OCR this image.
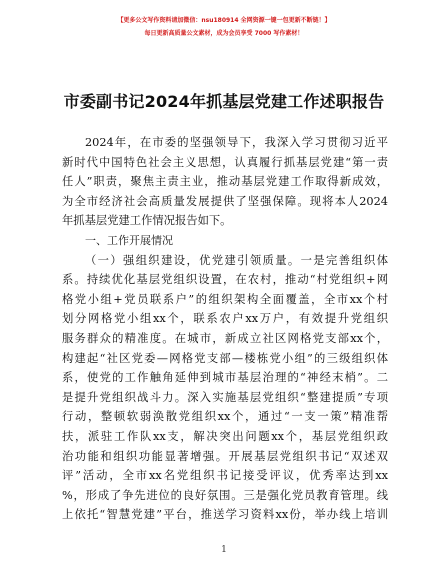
【更多公文写作资料请加微信：nsu180914 全网资源一键一包更新不断链！】
每日更新高质量公文素材，成为会员享受 7000 写作素材！
市委副书记2024年抓基层党建工作述职报告
2024年，在市委的坚强领导下，我深入学习贯彻习近平
新时代中国特色社会主义思想，认真履行抓基层党建“第一责
任人”职责，聚焦主责主业，推动基层党建工作取得新成效，
为全市经济社会高质量发展提供了坚强保障。现将本人2024
年抓基层党建工作情况报告如下。
一、工作开展情况
（一）强组织建设，优党建引领质量。一是完善组织体
系。持续优化基层党组织设置，在农村，推动“村党组织+网
格党小组+党员联系户”的组织架构全面覆盖，全市xx个村
划分网格党小组xx个，联系农户xx万户，有效提升党组织
服务群众的精准度。在城市，新成立社区网格党支部xx个，
构建起“社区党委—网格党支部—楼栋党小组”的三级组织体
系，使党的工作触角延伸到城市基层治理的“神经末梢”。二
是提升党组织战斗力。深入实施基层党组织“整建提质”专项
行动，整顿软弱涣散党组织xx个，通过“一支一策”精准帮
扶，派驻工作队xx支，解决突出问题xx个，基层党组织政
治功能和组织功能显著增强。开展基层党组织书记“双述双
评”活动，全市xx名党组织书记接受评议，优秀率达到xx
%，形成了争先进位的良好氛围。三是强化党员教育管理。线
上依托“智慧党建”平台，推送学习资料xx份，举办线上培训
1
